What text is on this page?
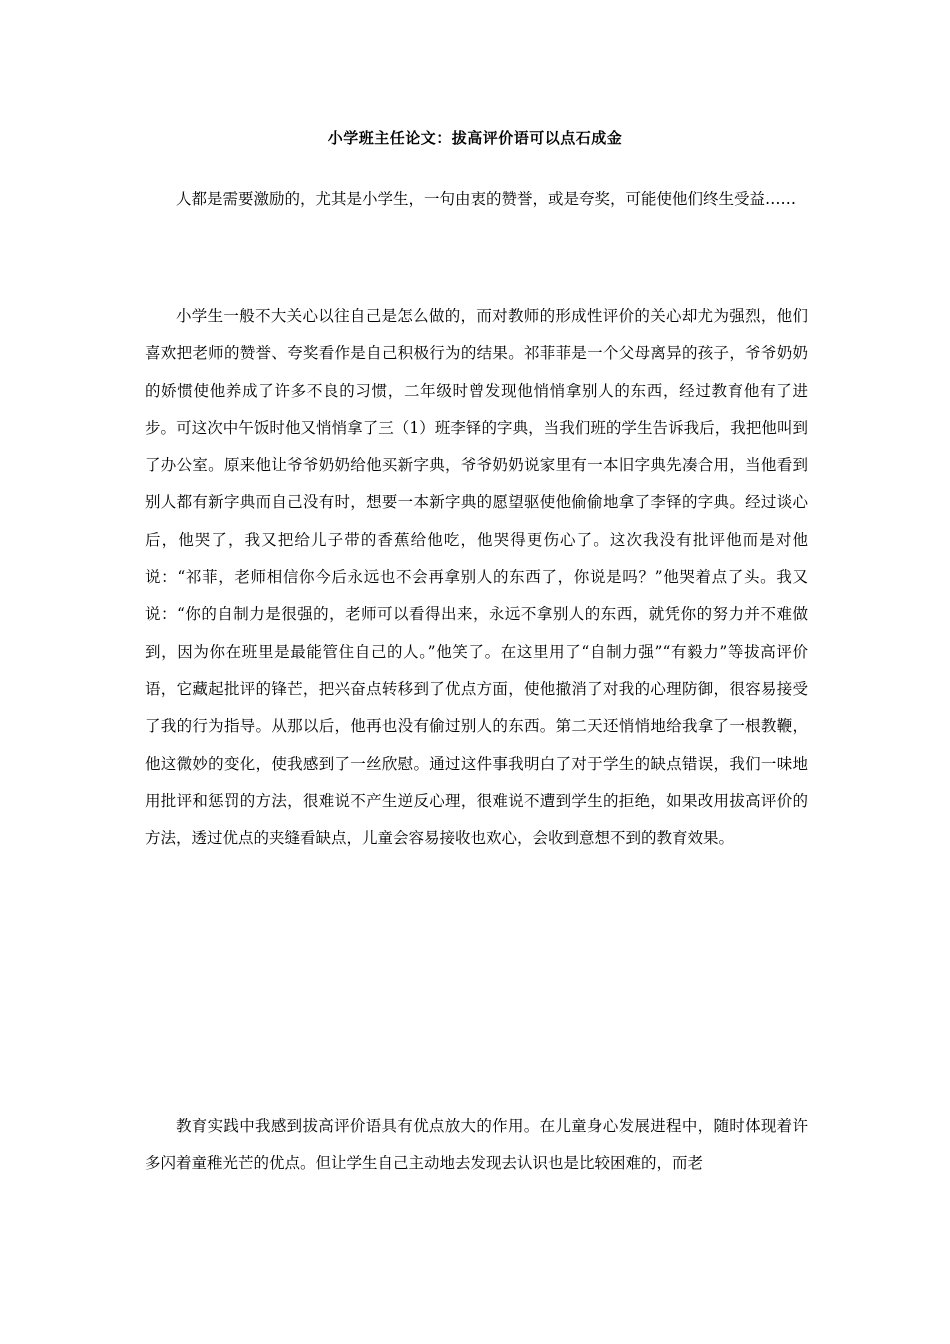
小学班主任论文：拔高评价语可以点石成金

人都是需要激励的，尤其是小学生，一句由衷的赞誉，或是夸奖，可能使他们终生受益……

小学生一般不大关心以往自己是怎么做的，而对教师的形成性评价的关心却尤为强烈，他们喜欢把老师的赞誉、夸奖看作是自己积极行为的结果。祁菲菲是一个父母离异的孩子，爷爷奶奶的娇惯使他养成了许多不良的习惯，二年级时曾发现他悄悄拿别人的东西，经过教育他有了进步。可这次中午饭时他又悄悄拿了三（1）班李铎的字典，当我们班的学生告诉我后，我把他叫到了办公室。原来他让爷爷奶奶给他买新字典，爷爷奶奶说家里有一本旧字典先凑合用，当他看到别人都有新字典而自己没有时，想要一本新字典的愿望驱使他偷偷地拿了李铎的字典。经过谈心后，他哭了，我又把给儿子带的香蕉给他吃，他哭得更伤心了。这次我没有批评他而是对他说：“祁菲，老师相信你今后永远也不会再拿别人的东西了，你说是吗？”他哭着点了头。我又说：“你的自制力是很强的，老师可以看得出来，永远不拿别人的东西，就凭你的努力并不难做到，因为你在班里是最能管住自己的人。”他笑了。在这里用了“自制力强”“有毅力”等拔高评价语，它藏起批评的锋芒，把兴奋点转移到了优点方面，使他撤消了对我的心理防御，很容易接受了我的行为指导。从那以后，他再也没有偷过别人的东西。第二天还悄悄地给我拿了一根教鞭，他这微妙的变化，使我感到了一丝欣慰。通过这件事我明白了对于学生的缺点错误，我们一味地用批评和惩罚的方法，很难说不产生逆反心理，很难说不遭到学生的拒绝，如果改用拔高评价的方法，透过优点的夹缝看缺点，儿童会容易接收也欢心，会收到意想不到的教育效果。

教育实践中我感到拔高评价语具有优点放大的作用。在儿童身心发展进程中，随时体现着许多闪着童稚光芒的优点。但让学生自己主动地去发现去认识也是比较困难的，而老
